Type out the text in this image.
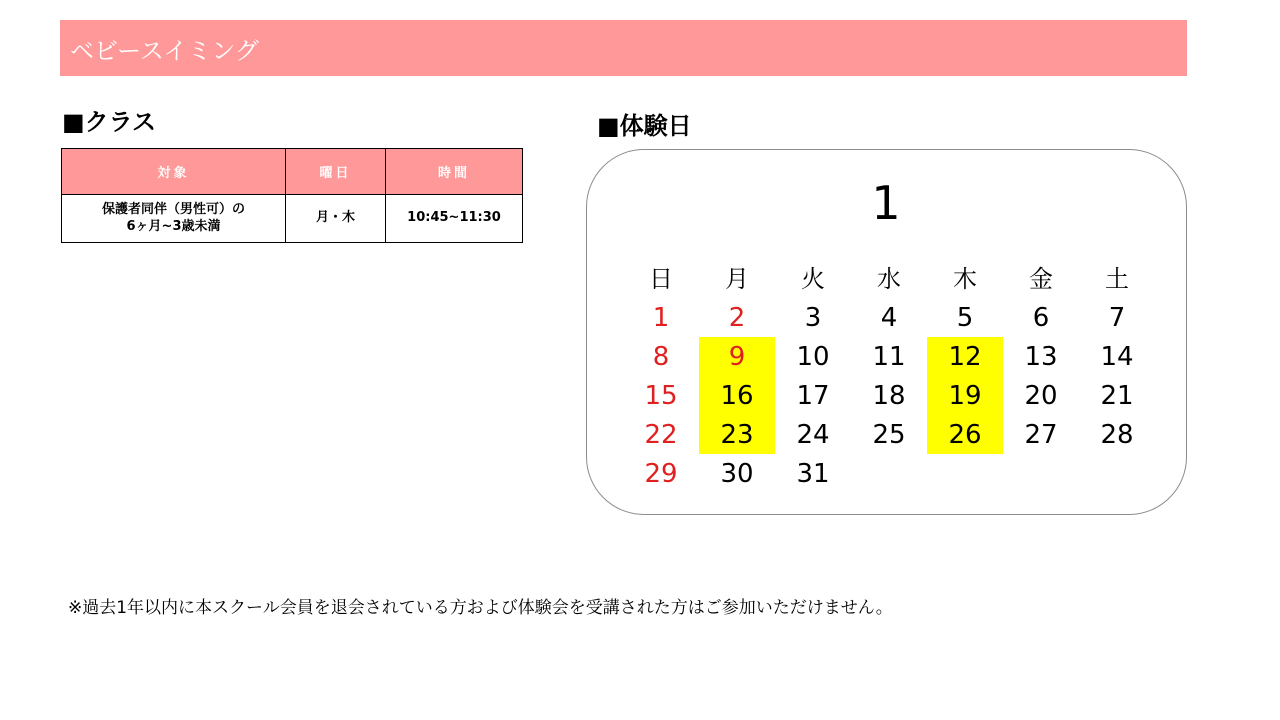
ベビースイミング
■クラス
対象	曜日	時間

保護者同伴（男性可）の
6ヶ月~3歳未満	月・木	10:45~11:30
■体験日
1
日	月	火	水	木	金	土
1	2	3	4	5	6	7
8	9	10	11	12	13	14
15	16	17	18	19	20	21
22	23	24	25	26	27	28
29	30	31
※過去1年以内に本スクール会員を退会されている方および体験会を受講された方はご参加いただけません。
